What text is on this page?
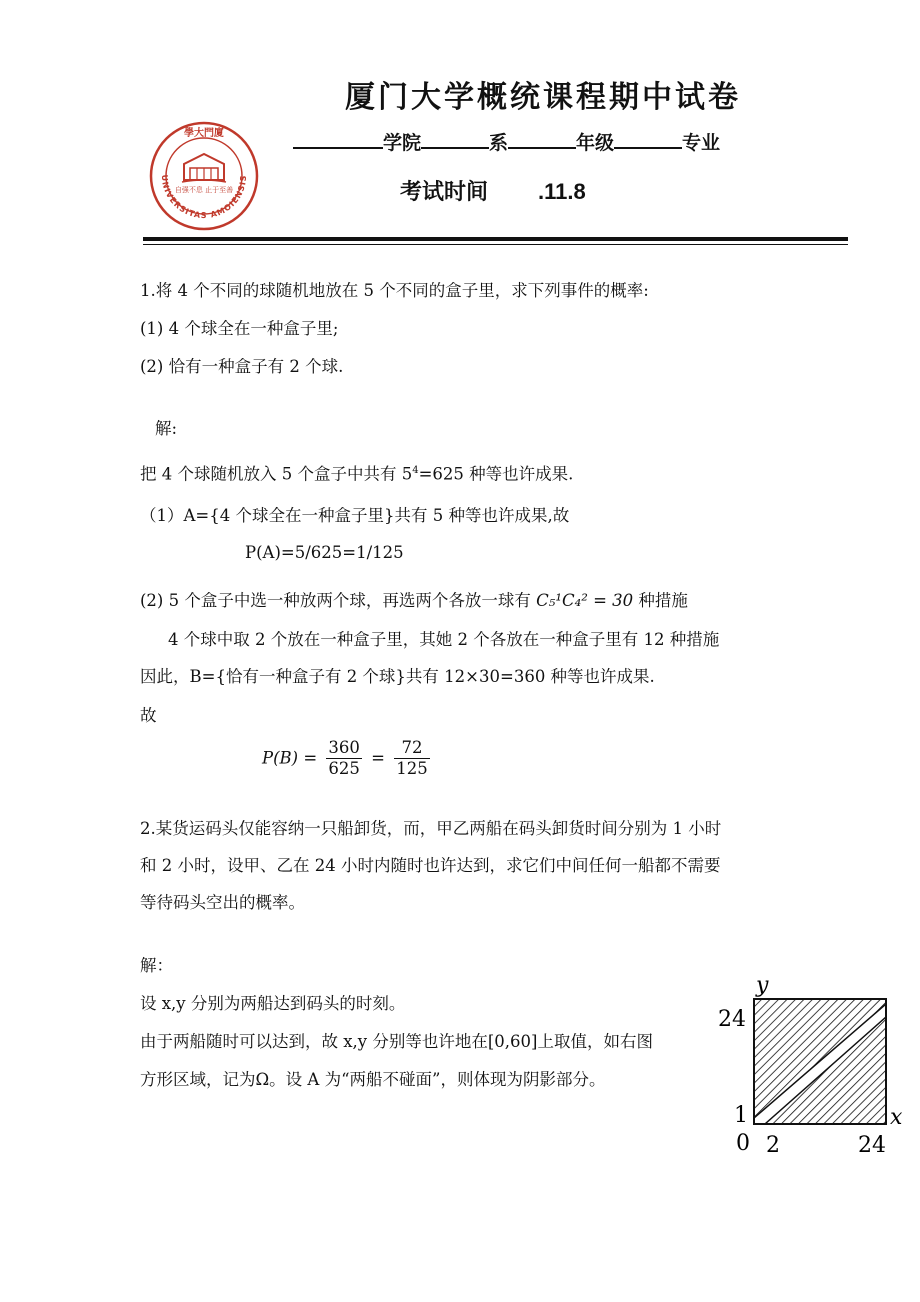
自强不息 止于至善
學大門廈
UNIVERSITAS AMOIENSIS
厦门大学概统课程期中试卷
学院	系	年级	专业
考试时间 .11.8
1.将 4 个不同的球随机地放在 5 个不同的盒子里，求下列事件的概率:
(1) 4 个球全在一种盒子里;
(2) 恰有一种盒子有 2 个球.
解:
把 4 个球随机放入 5 个盒子中共有 $5^4=625$ 种等也许成果.
（1）A={4 个球全在一种盒子里}共有 5 种等也许成果,故
P(A)=5/625=1/125
(2) 5 个盒子中选一种放两个球，再选两个各放一球有 C₅¹C₄² = 30 种措施
4 个球中取 2 个放在一种盒子里，其她 2 个各放在一种盒子里有 12 种措施
因此，B={恰有一种盒子有 2 个球}共有 12×30=360 种等也许成果.
故
$P(B) = \frac{360}{625} = \frac{72}{125}$
2.某货运码头仅能容纳一只船卸货，而，甲乙两船在码头卸货时间分别为 1 小时
和 2 小时，设甲、乙在 24 小时内随时也许达到，求它们中间任何一船都不需要
等待码头空出的概率。
解：
设 x,y 分别为两船达到码头的时刻。
由于两船随时可以达到，故 x,y 分别等也许地在[0,60]上取值，如右图
方形区域，记为Ω。设 A 为“两船不碰面”，则体现为阴影部分。
y
x
24
1
0 2	24
